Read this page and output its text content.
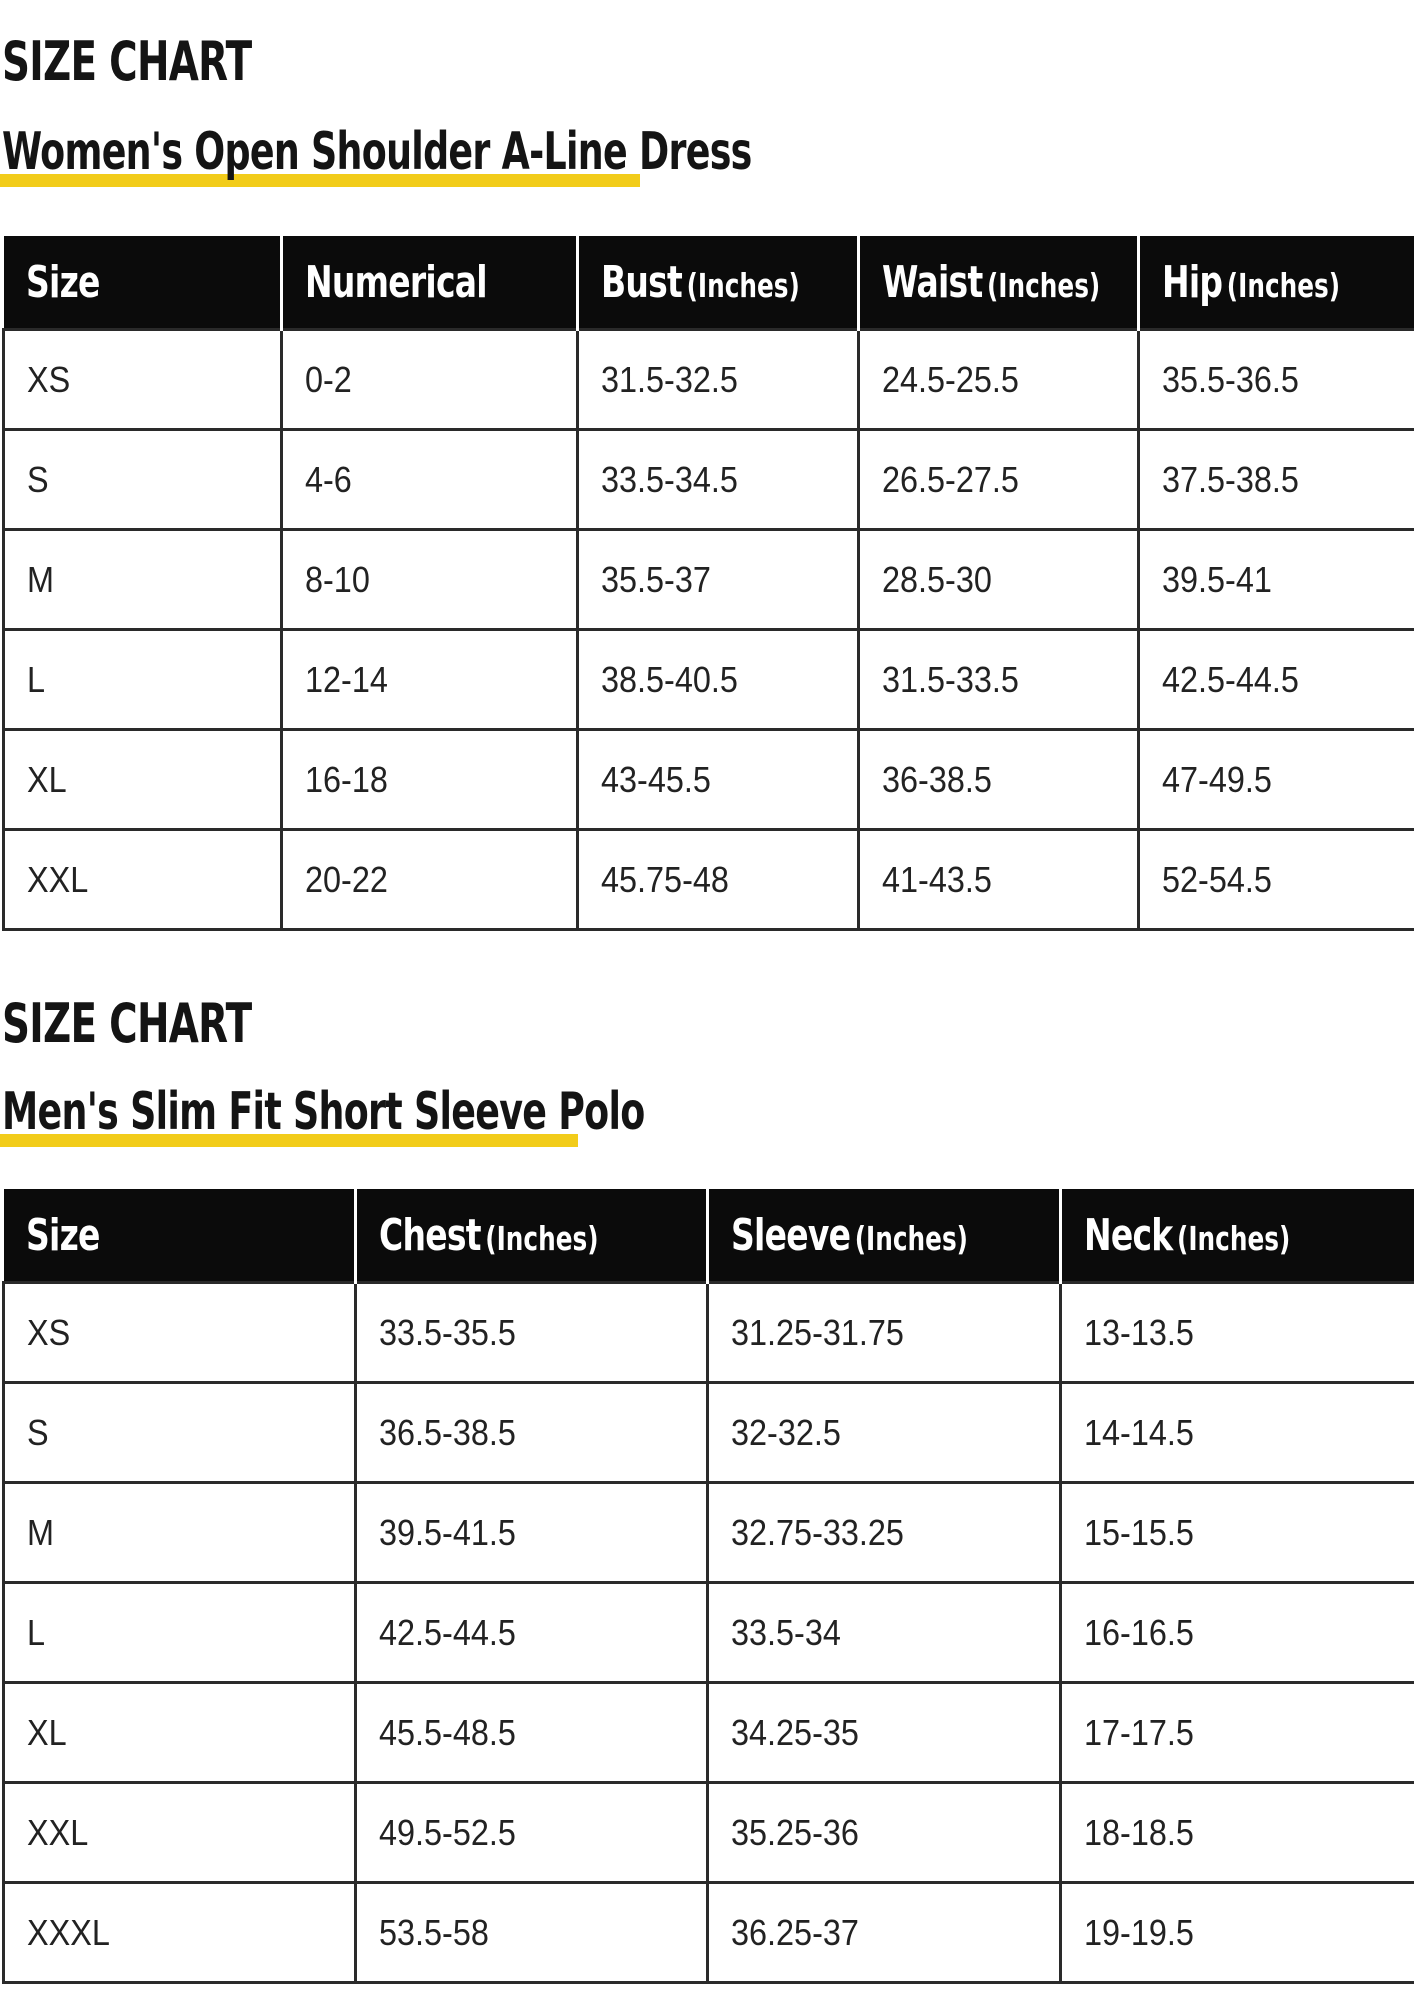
SIZE CHART
Women's Open Shoulder A-Line Dress
Size	Numerical	Bust (Inches)	Waist (Inches)	Hip (Inches)
XS	0-2	31.5-32.5	24.5-25.5	35.5-36.5
S	4-6	33.5-34.5	26.5-27.5	37.5-38.5
M	8-10	35.5-37	28.5-30	39.5-41
L	12-14	38.5-40.5	31.5-33.5	42.5-44.5
XL	16-18	43-45.5	36-38.5	47-49.5
XXL	20-22	45.75-48	41-43.5	52-54.5
SIZE CHART
Men's Slim Fit Short Sleeve Polo
Size	Chest (Inches)	Sleeve (Inches)	Neck (Inches)
XS	33.5-35.5	31.25-31.75	13-13.5
S	36.5-38.5	32-32.5	14-14.5
M	39.5-41.5	32.75-33.25	15-15.5
L	42.5-44.5	33.5-34	16-16.5
XL	45.5-48.5	34.25-35	17-17.5
XXL	49.5-52.5	35.25-36	18-18.5
XXXL	53.5-58	36.25-37	19-19.5
